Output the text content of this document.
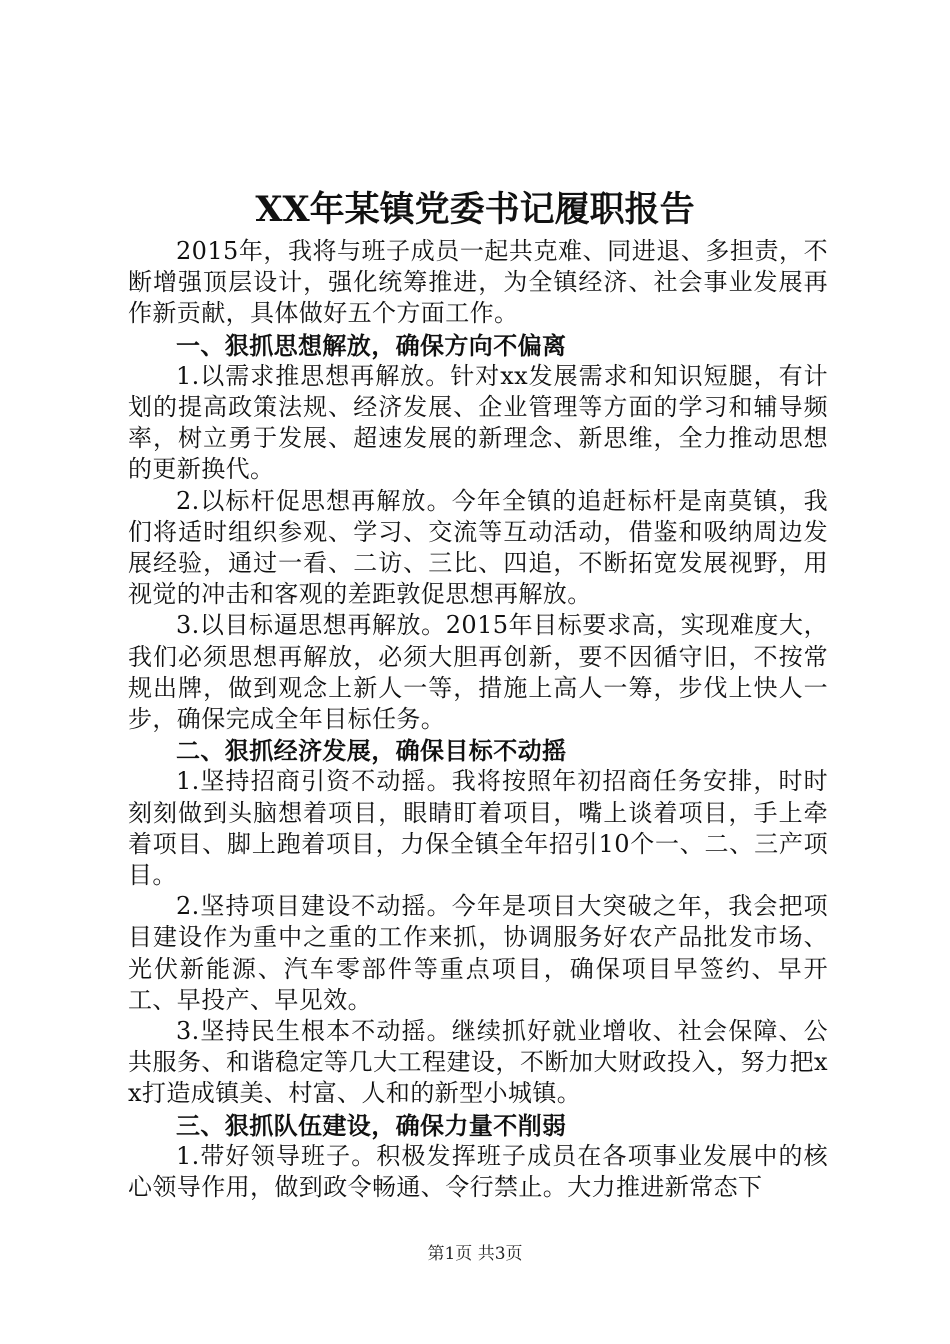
XX年某镇党委书记履职报告

2015年，我将与班子成员一起共克难、同进退、多担责，不断增强顶层设计，强化统筹推进，为全镇经济、社会事业发展再作新贡献，具体做好五个方面工作。

一、狠抓思想解放，确保方向不偏离

1.以需求推思想再解放。针对xx发展需求和知识短腿，有计划的提高政策法规、经济发展、企业管理等方面的学习和辅导频率，树立勇于发展、超速发展的新理念、新思维，全力推动思想的更新换代。

2.以标杆促思想再解放。今年全镇的追赶标杆是南莫镇，我们将适时组织参观、学习、交流等互动活动，借鉴和吸纳周边发展经验，通过一看、二访、三比、四追，不断拓宽发展视野，用视觉的冲击和客观的差距敦促思想再解放。

3.以目标逼思想再解放。2015年目标要求高，实现难度大，我们必须思想再解放，必须大胆再创新，要不因循守旧，不按常规出牌，做到观念上新人一等，措施上高人一筹，步伐上快人一步，确保完成全年目标任务。

二、狠抓经济发展，确保目标不动摇

1.坚持招商引资不动摇。我将按照年初招商任务安排，时时刻刻做到头脑想着项目，眼睛盯着项目，嘴上谈着项目，手上牵着项目、脚上跑着项目，力保全镇全年招引10个一、二、三产项目。

2.坚持项目建设不动摇。今年是项目大突破之年，我会把项目建设作为重中之重的工作来抓，协调服务好农产品批发市场、光伏新能源、汽车零部件等重点项目，确保项目早签约、早开工、早投产、早见效。

3.坚持民生根本不动摇。继续抓好就业增收、社会保障、公共服务、和谐稳定等几大工程建设，不断加大财政投入，努力把xx打造成镇美、村富、人和的新型小城镇。

三、狠抓队伍建设，确保力量不削弱

1.带好领导班子。积极发挥班子成员在各项事业发展中的核心领导作用，做到政令畅通、令行禁止。大力推进新常态下

第1页 共3页
